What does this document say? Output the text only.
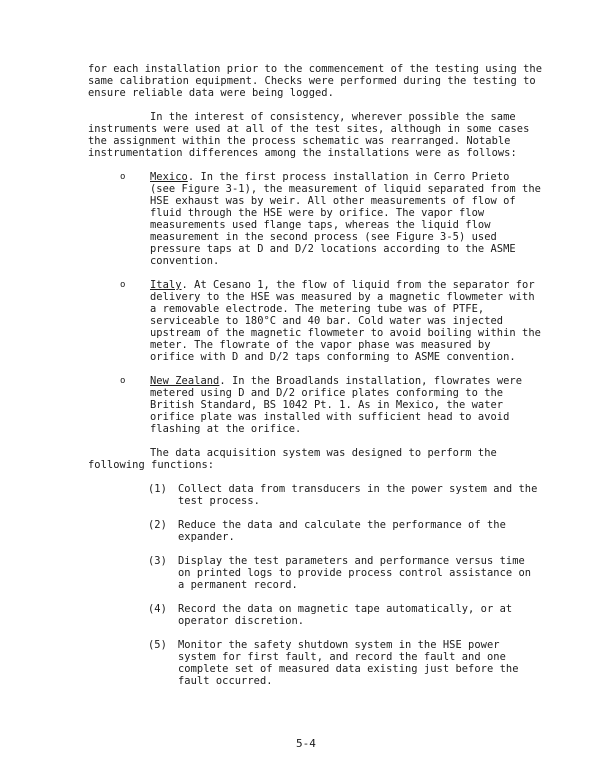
for each installation prior to the commencement of the testing using the
same calibration equipment. Checks were performed during the testing to
ensure reliable data were being logged.
In the interest of consistency, wherever possible the same
instruments were used at all of the test sites, although in some cases
the assignment within the process schematic was rearranged. Notable
instrumentation differences among the installations were as follows:
o Mexico. In the first process installation in Cerro Prieto
(see Figure 3-1), the measurement of liquid separated from the
HSE exhaust was by weir. All other measurements of flow of
fluid through the HSE were by orifice. The vapor flow
measurements used flange taps, whereas the liquid flow
measurement in the second process (see Figure 3-5) used
pressure taps at D and D/2 locations according to the ASME
convention.
o Italy. At Cesano 1, the flow of liquid from the separator for
delivery to the HSE was measured by a magnetic flowmeter with
a removable electrode. The metering tube was of PTFE,
serviceable to 180°C and 40 bar. Cold water was injected
upstream of the magnetic flowmeter to avoid boiling within the
meter. The flowrate of the vapor phase was measured by
orifice with D and D/2 taps conforming to ASME convention.
o New Zealand. In the Broadlands installation, flowrates were
metered using D and D/2 orifice plates conforming to the
British Standard, BS 1042 Pt. 1. As in Mexico, the water
orifice plate was installed with sufficient head to avoid
flashing at the orifice.
The data acquisition system was designed to perform the
following functions:
(1) Collect data from transducers in the power system and the
test process.
(2) Reduce the data and calculate the performance of the
expander.
(3) Display the test parameters and performance versus time
on printed logs to provide process control assistance on
a permanent record.
(4) Record the data on magnetic tape automatically, or at
operator discretion.
(5) Monitor the safety shutdown system in the HSE power
system for first fault, and record the fault and one
complete set of measured data existing just before the
fault occurred.
5-4
